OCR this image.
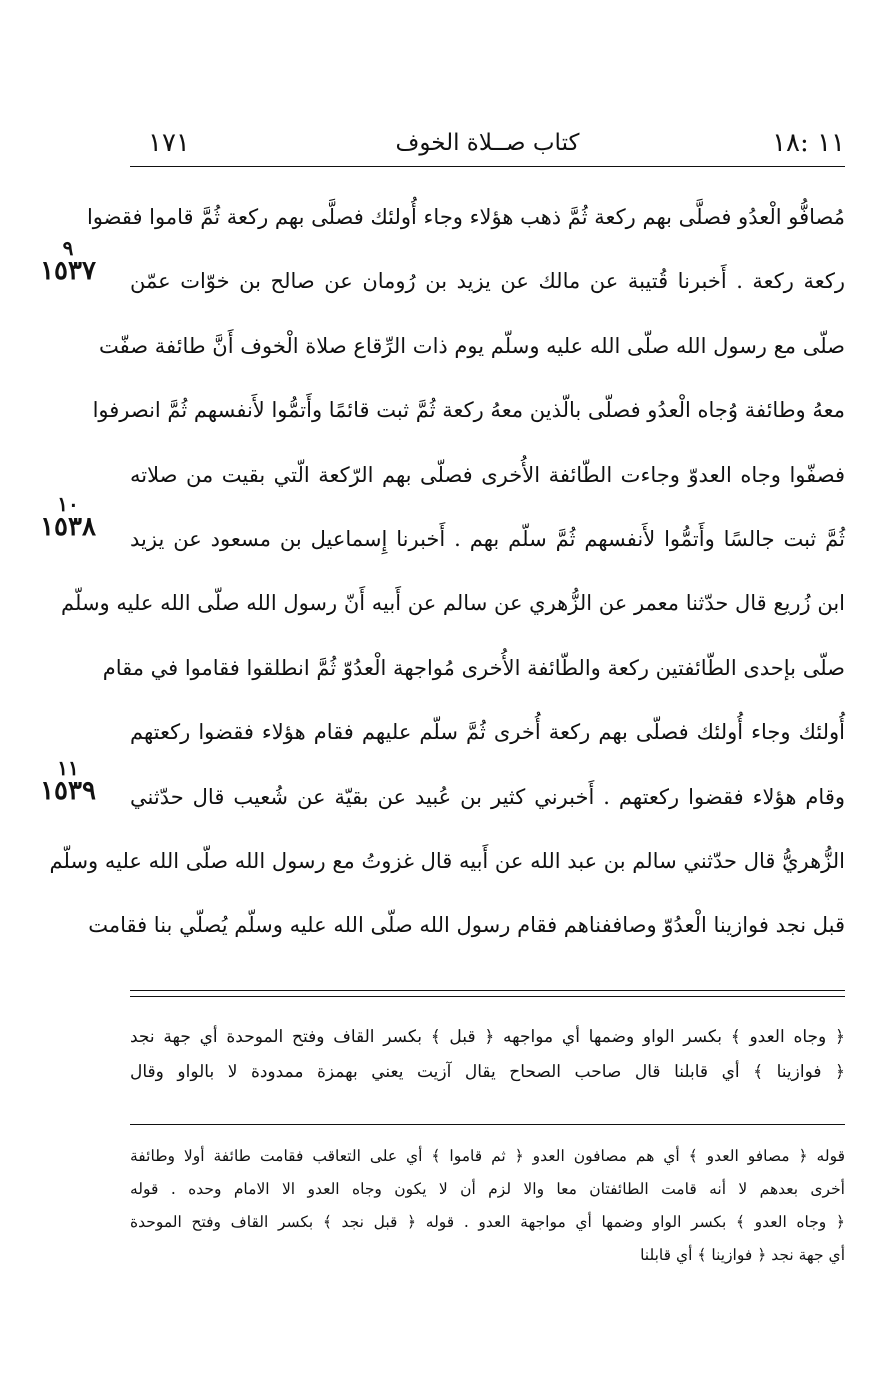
١١ :١٨
كتاب صــلاة الخوف
١٧١
مُصافُّو الْعدُو فصلَّى بهم ركعة ثُمَّ ذهب هؤلاء وجاء أُولئك فصلَّى بهم ركعة ثُمَّ قاموا فقضوا
ركعة ركعة . أَخبرنا قُتيبة عن مالك عن يزيد بن رُومان عن صالح بن خوّات عمّن
صلّى مع رسول الله صلّى الله عليه وسلّم يوم ذات الرِّقاع صلاة الْخوف أَنَّ طائفة صفّت
معهُ وطائفة وُجاه الْعدُو فصلّى بالّذين معهُ ركعة ثُمَّ ثبت قائمًا وأَتمُّوا لأَنفسهم ثُمَّ انصرفوا
فصفّوا وجاه العدوّ وجاءت الطّائفة الأُخرى فصلّى بهم الرّكعة الّتي بقيت من صلاته
ثُمَّ ثبت جالسًا وأَتمُّوا لأَنفسهم ثُمَّ سلّم بهم . أَخبرنا إِسماعيل بن مسعود عن يزيد
ابن زُريع قال حدّثنا معمر عن الزُّهري عن سالم عن أَبيه أَنّ رسول الله صلّى الله عليه وسلّم
صلّى بإحدى الطّائفتين ركعة والطّائفة الأُخرى مُواجهة الْعدُوّ ثُمَّ انطلقوا فقاموا في مقام
أُولئك وجاء أُولئك فصلّى بهم ركعة أُخرى ثُمَّ سلّم عليهم فقام هؤلاء فقضوا ركعتهم
وقام هؤلاء فقضوا ركعتهم . أَخبرني كثير بن عُبيد عن بقيّة عن شُعيب قال حدّثني
الزُّهريُّ قال حدّثني سالم بن عبد الله عن أَبيه قال غزوتُ مع رسول الله صلّى الله عليه وسلّم
قبل نجد فوازينا الْعدُوّ وصاففناهم فقام رسول الله صلّى الله عليه وسلّم يُصلّي بنا فقامت
٩
١٥٣٧
١٠
١٥٣٨
١١
١٥٣٩
﴿ وجاه العدو ﴾ بكسر الواو وضمها أي مواجهه ﴿ قبل ﴾ بكسر القاف وفتح الموحدة أي جهة نجد
﴿ فوازينا ﴾ أي قابلنا قال صاحب الصحاح يقال آزيت يعني بهمزة ممدودة لا بالواو وقال
قوله ﴿ مصافو العدو ﴾ أي هم مصافون العدو ﴿ ثم قاموا ﴾ أي على التعاقب فقامت طائفة أولا وطائفة
أخرى بعدهم لا أنه قامت الطائفتان معا والا لزم أن لا يكون وجاه العدو الا الامام وحده . قوله
﴿ وجاه العدو ﴾ بكسر الواو وضمها أي مواجهة العدو . قوله ﴿ قبل نجد ﴾ بكسر القاف وفتح الموحدة
أي جهة نجد ﴿ فوازينا ﴾ أي قابلنا
